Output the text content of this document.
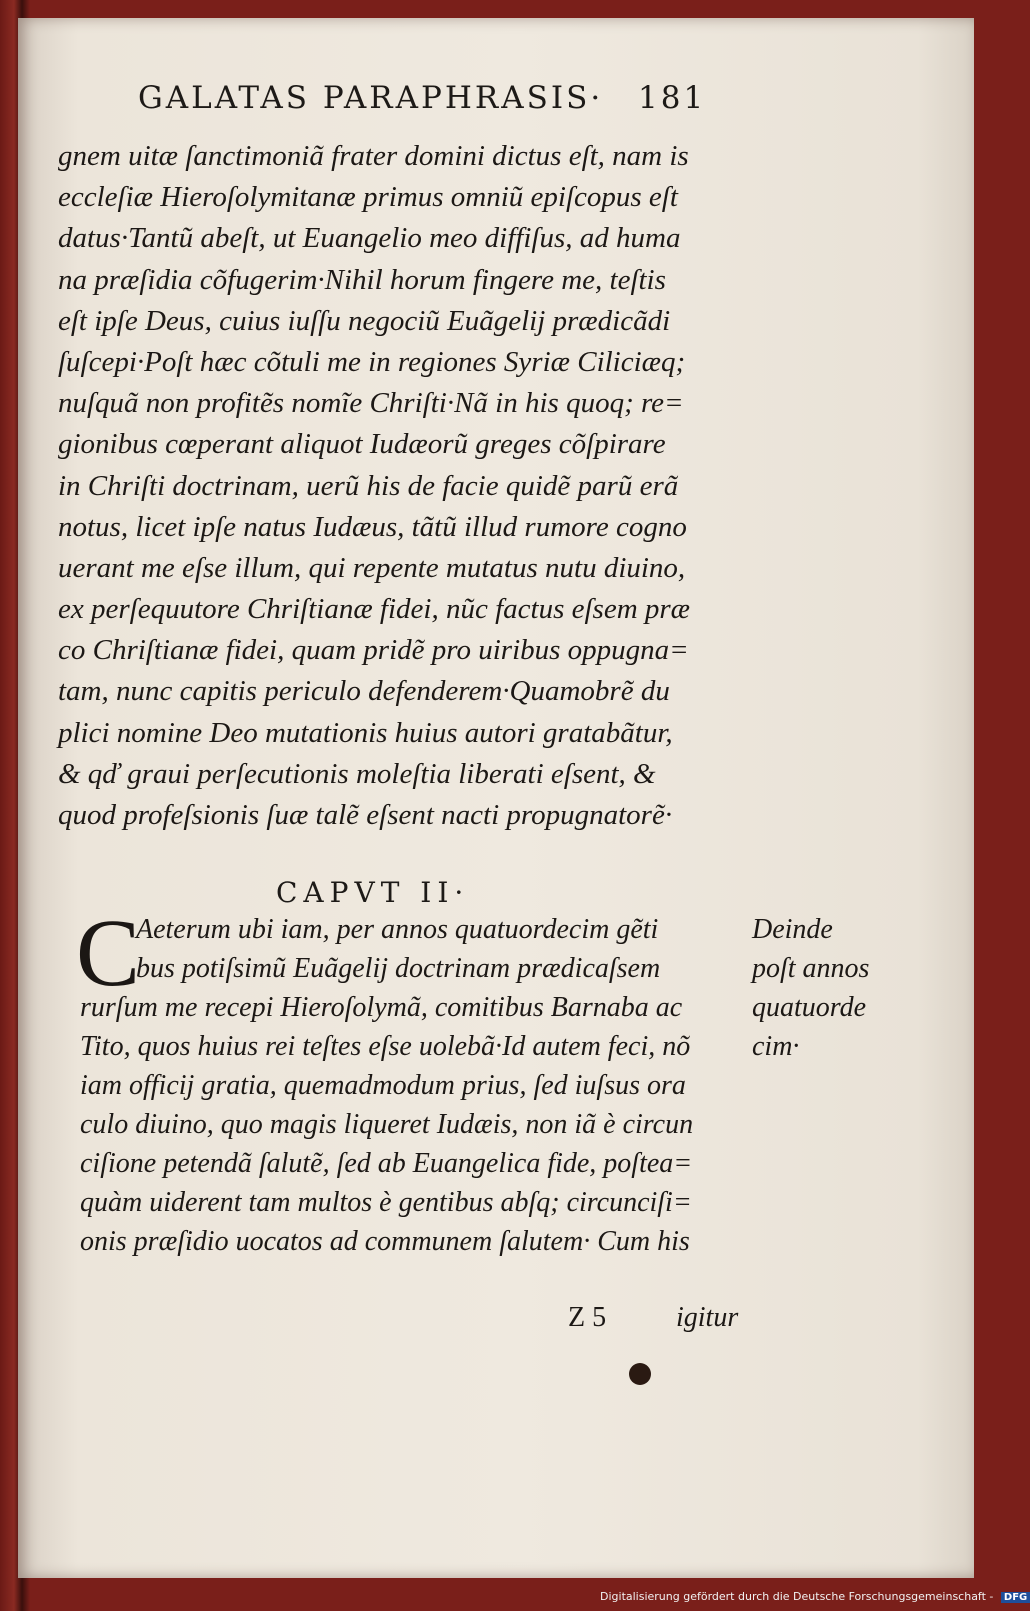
GALATAS PARAPHRASIS· 181
gnem uitæ ſanctimoniã frater domini dictus eſt, nam is
eccleſiæ Hieroſolymitanæ primus omniũ epiſcopus eſt
datus·Tantũ abeſt, ut Euangelio meo diffiſus, ad huma
na præſidia cõfugerim·Nihil horum fingere me, teſtis
eſt ipſe Deus, cuius iuſſu negociũ Euãgelij prædicãdi
ſuſcepi·Poſt hæc cõtuli me in regiones Syriæ Ciliciæq;
nuſquã non profitẽs nomĩe Chriſti·Nã in his quoq; re=
gionibus cœperant aliquot Iudæorũ greges cõſpirare
in Chriſti doctrinam, uerũ his de facie quidẽ parũ erã
notus, licet ipſe natus Iudæus, tãtũ illud rumore cogno
uerant me eſse illum, qui repente mutatus nutu diuino,
ex perſequutore Chriſtianæ fidei, nũc factus eſsem præ
co Chriſtianæ fidei, quam pridẽ pro uiribus oppugna=
tam, nunc capitis periculo defenderem·Quamobrẽ du
plici nomine Deo mutationis huius autori gratabãtur,
& qď graui perſecutionis moleſtia liberati eſsent, &
quod profeſsionis ſuæ talẽ eſsent nacti propugnatorẽ·
CAPVT II·
C
Aeterum ubi iam, per annos quatuordecim gẽti
bus potiſsimũ Euãgelij doctrinam prædicaſsem
rurſum me recepi Hieroſolymã, comitibus Barnaba ac
Tito, quos huius rei teſtes eſse uolebã·Id autem feci, nõ
iam officij gratia, quemadmodum prius, ſed iuſsus ora
culo diuino, quo magis liqueret Iudæis, non iã è circun
ciſione petendã ſalutẽ, ſed ab Euangelica fide, poſtea=
quàm uiderent tam multos è gentibus abſq; circunciſi=
onis præſidio uocatos ad communem ſalutem· Cum his
Deinde
poſt annos
quatuorde
cim·
Z 5 igitur
Digitalisierung gefördert durch die Deutsche Forschungsgemeinschaft - DFG
